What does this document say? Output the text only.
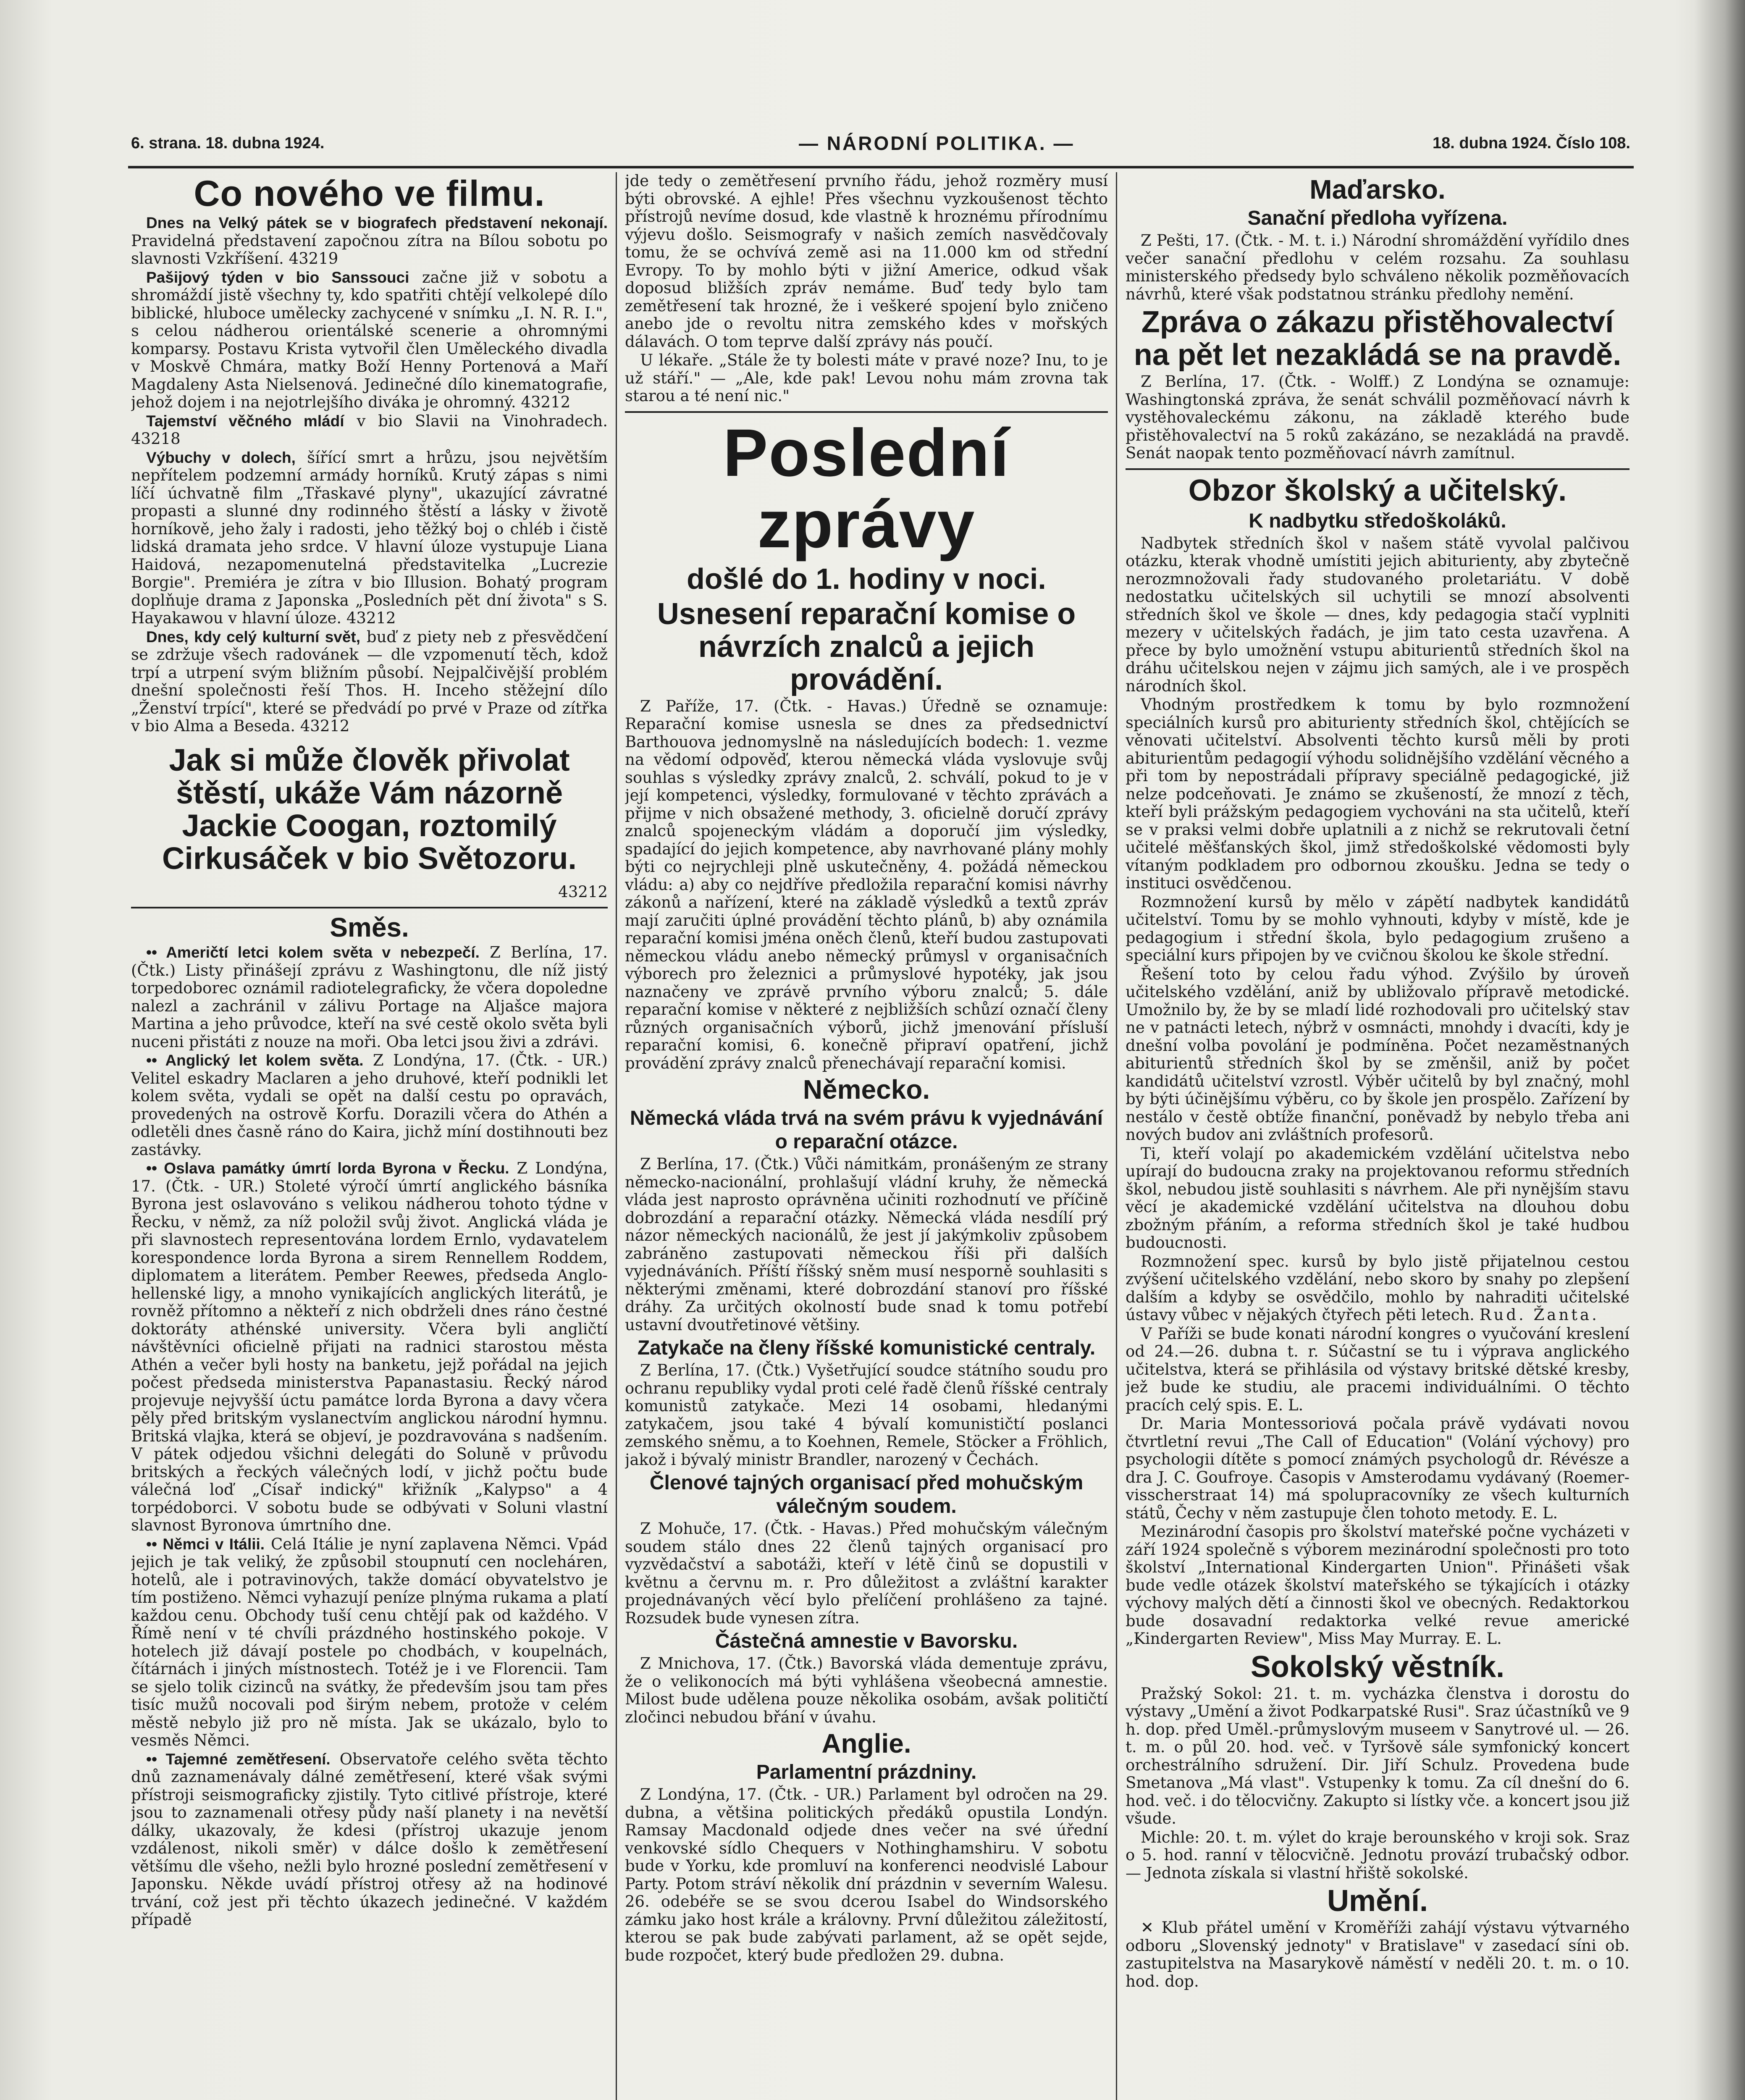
6. strana. 18. dubna 1924.	— NÁRODNÍ POLITIKA. —	18. dubna 1924. Číslo 108.
Co nového ve filmu.

Dnes na Velký pátek se v biografech představení nekonají. Pravidelná představení započnou zítra na Bílou sobotu po slavnosti Vzkříšení. 43219

Pašijový týden v bio Sanssouci začne již v sobotu a shromáždí jistě všechny ty, kdo spatřiti chtějí velkolepé dílo biblické, hluboce umělecky zachycené v snímku „I. N. R. I.", s celou nádherou orientálské scenerie a ohromnými komparsy. Postavu Krista vytvořil člen Uměleckého divadla v Moskvě Chmára, matky Boží Henny Portenová a Maří Magdaleny Asta Nielsenová. Jedinečné dílo kinematografie, jehož dojem i na nejotrlejšího diváka je ohromný. 43212

Tajemství věčného mládí v bio Slavii na Vinohradech. 43218

Výbuchy v dolech, šířící smrt a hrůzu, jsou největším nepřítelem podzemní armády horníků. Krutý zápas s nimi líčí úchvatně film „Třaskavé plyny", ukazující závratné propasti a slunné dny rodinného štěstí a lásky v životě horníkově, jeho žaly i radosti, jeho těžký boj o chléb i čistě lidská dramata jeho srdce. V hlavní úloze vystupuje Liana Haidová, nezapomenutelná představitelka „Lucrezie Borgie". Premiéra je zítra v bio Illusion. Bohatý program doplňuje drama z Japonska „Posledních pět dní života" s S. Hayakawou v hlavní úloze. 43212

Dnes, kdy celý kulturní svět, buď z piety neb z přesvědčení se zdržuje všech radovánek — dle vzpomenutí těch, kdož trpí a utrpení svým bližním působí. Nejpalčivější problém dnešní společnosti řeší Thos. H. Inceho stěžejní dílo „Ženství trpící", které se předvádí po prvé v Praze od zítřka v bio Alma a Beseda. 43212

Jak si může člověk přivolat štěstí, ukáže Vám názorně Jackie Coogan, roztomilý Cirkusáček v bio Světozoru.

43212

Směs.

•• Američtí letci kolem světa v nebezpečí. Z Berlína, 17. (Čtk.) Listy přinášejí zprávu z Washingtonu, dle níž jistý torpedoborec oznámil radiotelegraficky, že včera dopoledne nalezl a zachránil v zálivu Portage na Aljašce majora Martina a jeho průvodce, kteří na své cestě okolo světa byli nuceni přistáti z nouze na moři. Oba letci jsou živi a zdrávi.

•• Anglický let kolem světa. Z Londýna, 17. (Čtk. - UR.) Velitel eskadry Maclaren a jeho druhové, kteří podnikli let kolem světa, vydali se opět na další cestu po opravách, provedených na ostrově Korfu. Dorazili včera do Athén a odletěli dnes časně ráno do Kaira, jichž míní dostihnouti bez zastávky.

•• Oslava památky úmrtí lorda Byrona v Řecku. Z Londýna, 17. (Čtk. - UR.) Stoleté výročí úmrtí anglického básníka Byrona jest oslavováno s velikou nádherou tohoto týdne v Řecku, v němž, za níž položil svůj život. Anglická vláda je při slavnostech representována lordem Ernlo, vydavatelem korespondence lorda Byrona a sirem Rennellem Roddem, diplomatem a literátem. Pember Reewes, předseda Anglo-hellenské ligy, a mnoho vynikajících anglických literátů, je rovněž přítomno a někteří z nich obdrželi dnes ráno čestné doktoráty athénské university. Včera byli angličtí návštěvníci oficielně přijati na radnici starostou města Athén a večer byli hosty na banketu, jejž pořádal na jejich počest předseda ministerstva Papanastasiu. Řecký národ projevuje nejvyšší úctu památce lorda Byrona a davy včera pěly před britským vyslanectvím anglickou národní hymnu. Britská vlajka, která se objeví, je pozdravována s nadšením. V pátek odjedou všichni delegáti do Soluně v průvodu britských a řeckých válečných lodí, v jichž počtu bude válečná loď „Císař indický" křižník „Kalypso" a 4 torpédoborci. V sobotu bude se odbývati v Soluni vlastní slavnost Byronova úmrtního dne.

•• Němci v Itálii. Celá Itálie je nyní zaplavena Němci. Vpád jejich je tak veliký, že způsobil stoupnutí cen nocleháren, hotelů, ale i potravinových, takže domácí obyvatelstvo je tím postiženo. Němci vyhazují peníze plnýma rukama a platí každou cenu. Obchody tuší cenu chtějí pak od každého. V Římě není v té chvíli prázdného hostinského pokoje. V hotelech již dávají postele po chodbách, v koupelnách, čítárnách i jiných místnostech. Totéž je i ve Florencii. Tam se sjelo tolik cizinců na svátky, že především jsou tam přes tisíc mužů nocovali pod širým nebem, protože v celém městě nebylo již pro ně místa. Jak se ukázalo, bylo to vesměs Němci.

•• Tajemné zemětřesení. Observatoře celého světa těchto dnů zaznamenávaly dálné zemětřesení, které však svými přístroji seismograficky zjistily. Tyto citlivé přístroje, které jsou to zaznamenali otřesy půdy naší planety i na nevětší dálky, ukazovaly, že kdesi (přístroj ukazuje jenom vzdálenost, nikoli směr) v dálce došlo k zemětřesení většímu dle všeho, nežli bylo hrozné poslední zemětřesení v Japonsku. Někde uvádí přístroj otřesy až na hodinové trvání, což jest při těchto úkazech jedinečné. V každém případě

jde tedy o zemětřesení prvního řádu, jehož rozměry musí býti obrovské. A ejhle! Přes všechnu vyzkoušenost těchto přístrojů nevíme dosud, kde vlastně k hroznému přírodnímu výjevu došlo. Seismografy v našich zemích nasvědčovaly tomu, že se ochvívá země asi na 11.000 km od střední Evropy. To by mohlo býti v jižní Americe, odkud však doposud bližších zpráv nemáme. Buď tedy bylo tam zemětřesení tak hrozné, že i veškeré spojení bylo zničeno anebo jde o revoltu nitra zemského kdes v mořských dálavách. O tom teprve další zprávy nás poučí.

U lékaře. „Stále že ty bolesti máte v pravé noze? Inu, to je už stáří." — „Ale, kde pak! Levou nohu mám zrovna tak starou a té není nic."

Poslední zprávy
došlé do 1. hodiny v noci.
Usnesení reparační komise o návrzích znalců a jejich provádění.

Z Paříže, 17. (Čtk. - Havas.) Úředně se oznamuje: Reparační komise usnesla se dnes za předsednictví Barthouova jednomyslně na následujících bodech: 1. vezme na vědomí odpověď, kterou německá vláda vyslovuje svůj souhlas s výsledky zprávy znalců, 2. schválí, pokud to je v její kompetenci, výsledky, formulované v těchto zprávách a přijme v nich obsažené methody, 3. oficielně doručí zprávy znalců spojeneckým vládám a doporučí jim výsledky, spadající do jejich kompetence, aby navrhované plány mohly býti co nejrychleji plně uskutečněny, 4. požádá německou vládu: a) aby co nejdříve předložila reparační komisi návrhy zákonů a nařízení, které na základě výsledků a textů zpráv mají zaručiti úplné provádění těchto plánů, b) aby oznámila reparační komisi jména oněch členů, kteří budou zastupovati německou vládu anebo německý průmysl v organisačních výborech pro železnici a průmyslové hypotéky, jak jsou naznačeny ve zprávě prvního výboru znalců; 5. dále reparační komise v některé z nejbližších schůzí označí členy různých organisačních výborů, jichž jmenování přísluší reparační komisi, 6. konečně připraví opatření, jichž provádění zprávy znalců přenechávají reparační komisi.

Německo.
Německá vláda trvá na svém právu k vyjednávání o reparační otázce.

Z Berlína, 17. (Čtk.) Vůči námitkám, pronášeným ze strany německo-nacionální, prohlašují vládní kruhy, že německá vláda jest naprosto oprávněna učiniti rozhodnutí ve příčině dobrozdání a reparační otázky. Německá vláda nesdílí prý názor německých nacionálů, že jest jí jakýmkoliv způsobem zabráněno zastupovati německou říši při dalších vyjednáváních. Příští říšský sněm musí nesporně souhlasiti s některými změnami, které dobrozdání stanoví pro říšské dráhy. Za určitých okolností bude snad k tomu potřebí ustavní dvoutřetinové většiny.

Zatykače na členy říšské komunistické centraly.

Z Berlína, 17. (Čtk.) Vyšetřující soudce státního soudu pro ochranu republiky vydal proti celé řadě členů říšské centraly komunistů zatykače. Mezi 14 osobami, hledanými zatykačem, jsou také 4 bývalí komunističtí poslanci zemského sněmu, a to Koehnen, Remele, Stöcker a Fröhlich, jakož i bývalý ministr Brandler, narozený v Čechách.

Členové tajných organisací před mohučským válečným soudem.

Z Mohuče, 17. (Čtk. - Havas.) Před mohučským válečným soudem stálo dnes 22 členů tajných organisací pro vyzvědačství a sabotáži, kteří v létě činů se dopustili v květnu a červnu m. r. Pro důležitost a zvláštní karakter projednávaných věcí bylo přelíčení prohlášeno za tajné. Rozsudek bude vynesen zítra.

Částečná amnestie v Bavorsku.

Z Mnichova, 17. (Čtk.) Bavorská vláda dementuje zprávu, že o velikonocích má býti vyhlášena všeobecná amnestie. Milost bude udělena pouze několika osobám, avšak političtí zločinci nebudou břání v úvahu.

Anglie.
Parlamentní prázdniny.

Z Londýna, 17. (Čtk. - UR.) Parlament byl odročen na 29. dubna, a většina politických předáků opustila Londýn. Ramsay Macdonald odjede dnes večer na své úřední venkovské sídlo Chequers v Nothinghamshiru. V sobotu bude v Yorku, kde promluví na konferenci neodvislé Labour Party. Potom stráví několik dní prázdnin v severním Walesu. 26. odebéře se se svou dcerou Isabel do Windsorského zámku jako host krále a královny. První důležitou záležitostí, kterou se pak bude zabývati parlament, až se opět sejde, bude rozpočet, který bude předložen 29. dubna.

Maďarsko.
Sanační předloha vyřízena.

Z Pešti, 17. (Čtk. - M. t. i.) Národní shromáždění vyřídilo dnes večer sanační předlohu v celém rozsahu. Za souhlasu ministerského předsedy bylo schváleno několik pozměňovacích návrhů, které však podstatnou stránku předlohy nemění.

Zpráva o zákazu přistěhovalectví na pět let nezakládá se na pravdě.

Z Berlína, 17. (Čtk. - Wolff.) Z Londýna se oznamuje: Washingtonská zpráva, že senát schválil pozměňovací návrh k vystěhovaleckému zákonu, na základě kterého bude přistěhovalectví na 5 roků zakázáno, se nezakládá na pravdě. Senát naopak tento pozměňovací návrh zamítnul.

Obzor školský a učitelský.
K nadbytku středoškoláků.

Nadbytek středních škol v našem státě vyvolal palčivou otázku, kterak vhodně umístiti jejich abiturienty, aby zbytečně nerozmnožovali řady studovaného proletariátu. V době nedostatku učitelských sil uchytili se mnozí absolventi středních škol ve škole — dnes, kdy pedagogia stačí vyplniti mezery v učitelských řadách, je jim tato cesta uzavřena. A přece by bylo umožnění vstupu abiturientů středních škol na dráhu učitelskou nejen v zájmu jich samých, ale i ve prospěch národních škol.

Vhodným prostředkem k tomu by bylo rozmnožení speciálních kursů pro abiturienty středních škol, chtějících se věnovati učitelství. Absolventi těchto kursů měli by proti abiturientům pedagogií výhodu solidnějšího vzdělání věcného a při tom by nepostrádali přípravy speciálně pedagogické, již nelze podceňovati. Je známo se zkušeností, že mnozí z těch, kteří byli prážským pedagogiem vychováni na sta učitelů, kteří se v praksi velmi dobře uplatnili a z nichž se rekrutovali četní učitelé měšťanských škol, jimž středoškolské vědomosti byly vítaným podkladem pro odbornou zkoušku. Jedna se tedy o instituci osvědčenou.

Rozmnožení kursů by mělo v zápětí nadbytek kandidátů učitelství. Tomu by se mohlo vyhnouti, kdyby v místě, kde je pedagogium i střední škola, bylo pedagogium zrušeno a speciální kurs připojen by ve cvičnou školou ke škole střední.

Řešení toto by celou řadu výhod. Zvýšilo by úroveň učitelského vzdělání, aniž by ubližovalo přípravě metodické. Umožnilo by, že by se mladí lidé rozhodovali pro učitelský stav ne v patnácti letech, nýbrž v osmnácti, mnohdy i dvacíti, kdy je dnešní volba povolání je podmíněna. Počet nezaměstnaných abiturientů středních škol by se změnšil, aniž by počet kandidátů učitelství vzrostl. Výběr učitelů by byl značný, mohl by býti účinějšímu výběru, co by škole jen prospělo. Zařízení by nestálo v čestě obtíže finanční, poněvadž by nebylo třeba ani nových budov ani zvláštních profesorů.

Ti, kteří volají po akademickém vzdělání učitelstva nebo upírají do budoucna zraky na projektovanou reformu středních škol, nebudou jistě souhlasiti s návrhem. Ale při nynějším stavu věcí je akademické vzdělání učitelstva na dlouhou dobu zbožným přáním, a reforma středních škol je také hudbou budoucnosti.

Rozmnožení spec. kursů by bylo jistě přijatelnou cestou zvýšení učitelského vzdělání, nebo skoro by snahy po zlepšení dalším a kdyby se osvědčilo, mohlo by nahraditi učitelské ústavy vůbec v nějakých čtyřech pěti letech. Rud. Žanta.

V Paříži se bude konati národní kongres o vyučování kreslení od 24.—26. dubna t. r. Súčastní se tu i výprava anglického učitelstva, která se přihlásila od výstavy britské dětské kresby, jež bude ke studiu, ale pracemi individuálními. O těchto pracích celý spis. E. L.

Dr. Maria Montessoriová počala právě vydávati novou čtvrtletní revui „The Call of Education" (Volání výchovy) pro psychologii dítěte s pomocí známých psychologů dr. Révésze a dra J. C. Goufroye. Časopis v Amsterodamu vydávaný (Roemer-visscherstraat 14) má spolupracovníky ze všech kulturních států, Čechy v něm zastupuje člen tohoto metody. E. L.

Mezinárodní časopis pro školství mateřské počne vycházeti v září 1924 společně s výborem mezinárodní společnosti pro toto školství „International Kindergarten Union". Přinášeti však bude vedle otázek školství mateřského se týkajících i otázky výchovy malých dětí a činnosti škol ve obecných. Redaktorkou bude dosavadní redaktorka velké revue americké „Kindergarten Review", Miss May Murray. E. L.

Sokolský věstník.

Pražský Sokol: 21. t. m. vycházka členstva i dorostu do výstavy „Umění a život Podkarpatské Rusi". Sraz účastníků ve 9 h. dop. před Uměl.-průmyslovým museem v Sanytrové ul. — 26. t. m. o půl 20. hod. več. v Tyršově sále symfonický koncert orchestrálního sdružení. Dir. Jiří Schulz. Provedena bude Smetanova „Má vlast". Vstupenky k tomu. Za cíl dnešní do 6. hod. več. i do tělocvičny. Zakupto si lístky vče. a koncert jsou již všude.

Michle: 20. t. m. výlet do kraje berounského v kroji sok. Sraz o 5. hod. ranní v tělocvičně. Jednotu provází trubačský odbor. — Jednota získala si vlastní hřiště sokolské.

Umění.

✕ Klub přátel umění v Kroměříži zahájí výstavu výtvarného odboru „Slovenský jednoty" v Bratislave" v zasedací síni ob. zastupitelstva na Masarykově náměstí v neděli 20. t. m. o 10. hod. dop.
